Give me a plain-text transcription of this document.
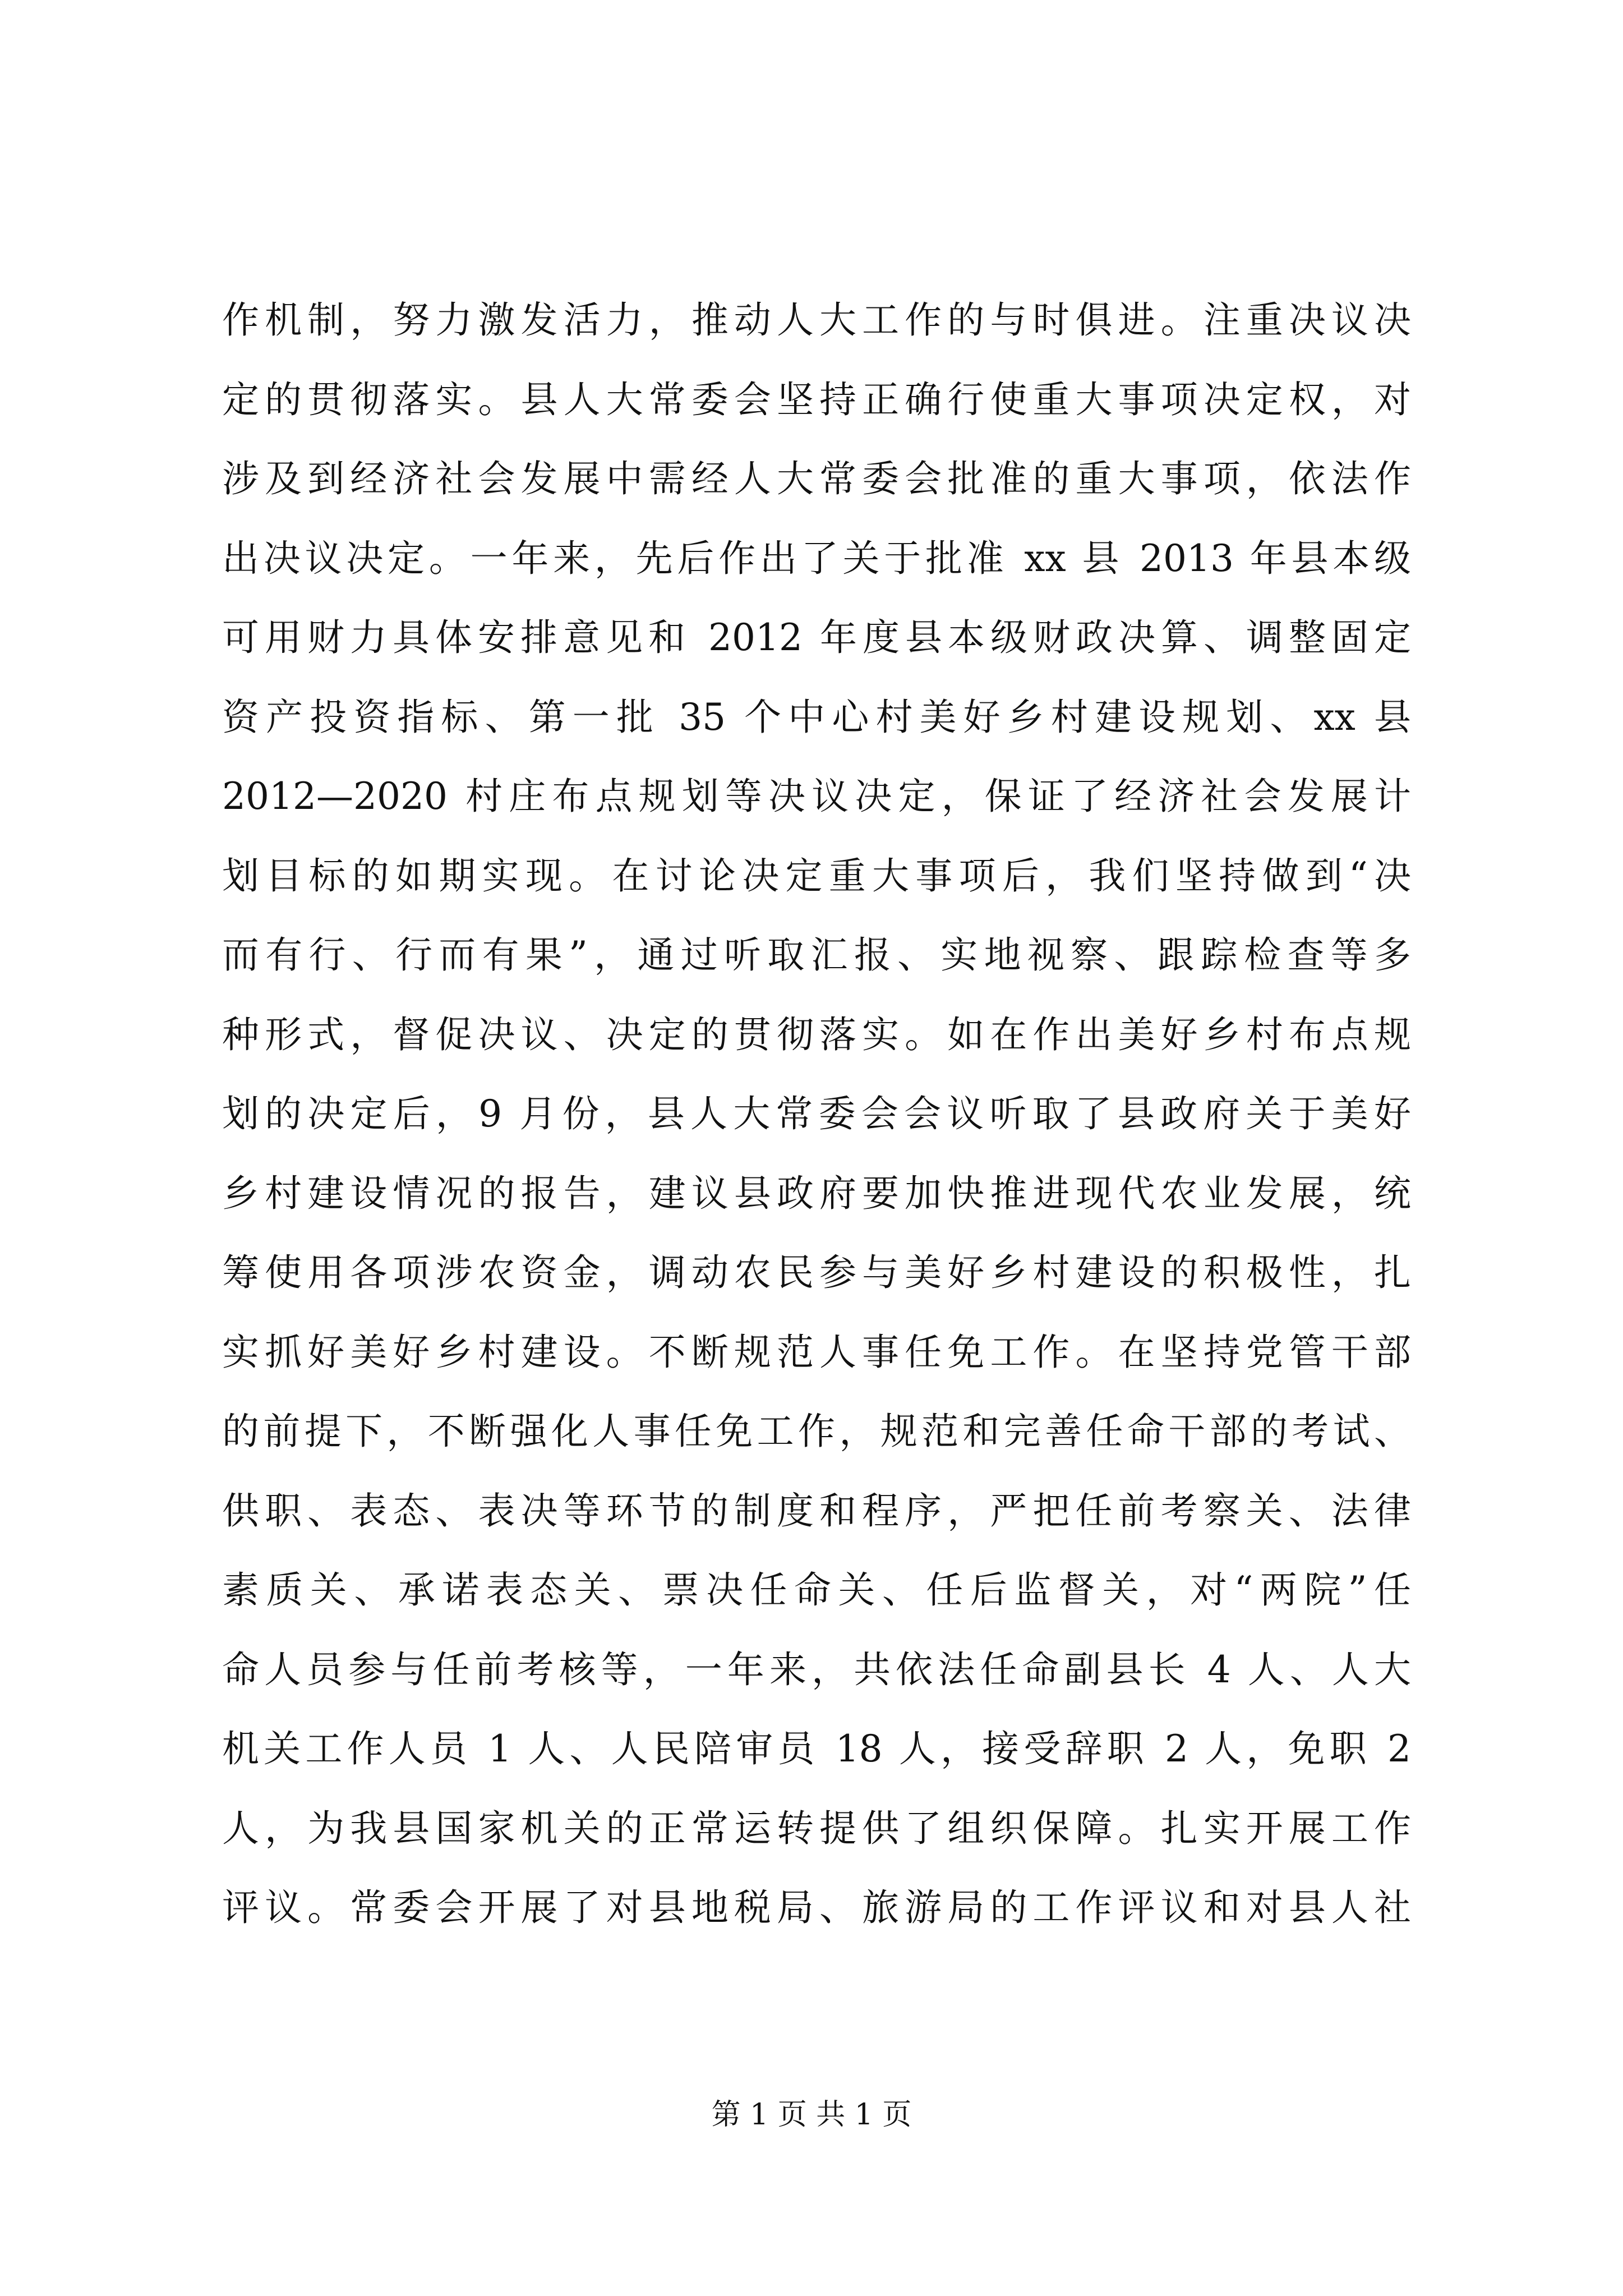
作机制，努力激发活力，推动人大工作的与时俱进。注重决议决
定的贯彻落实。县人大常委会坚持正确行使重大事项决定权，对
涉及到经济社会发展中需经人大常委会批准的重大事项，依法作
出决议决定。一年来，先后作出了关于批准 xx 县 2013 年县本级
可用财力具体安排意见和 2012 年度县本级财政决算、调整固定
资产投资指标、第一批 35 个中心村美好乡村建设规划、xx 县
2012—2020 村庄布点规划等决议决定，保证了经济社会发展计
划目标的如期实现。在讨论决定重大事项后，我们坚持做到“决
而有行、行而有果”，通过听取汇报、实地视察、跟踪检查等多
种形式，督促决议、决定的贯彻落实。如在作出美好乡村布点规
划的决定后，9 月份，县人大常委会会议听取了县政府关于美好
乡村建设情况的报告，建议县政府要加快推进现代农业发展，统
筹使用各项涉农资金，调动农民参与美好乡村建设的积极性，扎
实抓好美好乡村建设。不断规范人事任免工作。在坚持党管干部
的前提下，不断强化人事任免工作，规范和完善任命干部的考试、
供职、表态、表决等环节的制度和程序，严把任前考察关、法律
素质关、承诺表态关、票决任命关、任后监督关，对“两院”任
命人员参与任前考核等，一年来，共依法任命副县长 4 人、人大
机关工作人员 1 人、人民陪审员 18 人，接受辞职 2 人，免职 2
人，为我县国家机关的正常运转提供了组织保障。扎实开展工作
评议。常委会开展了对县地税局、旅游局的工作评议和对县人社
第 1 页 共 1 页
